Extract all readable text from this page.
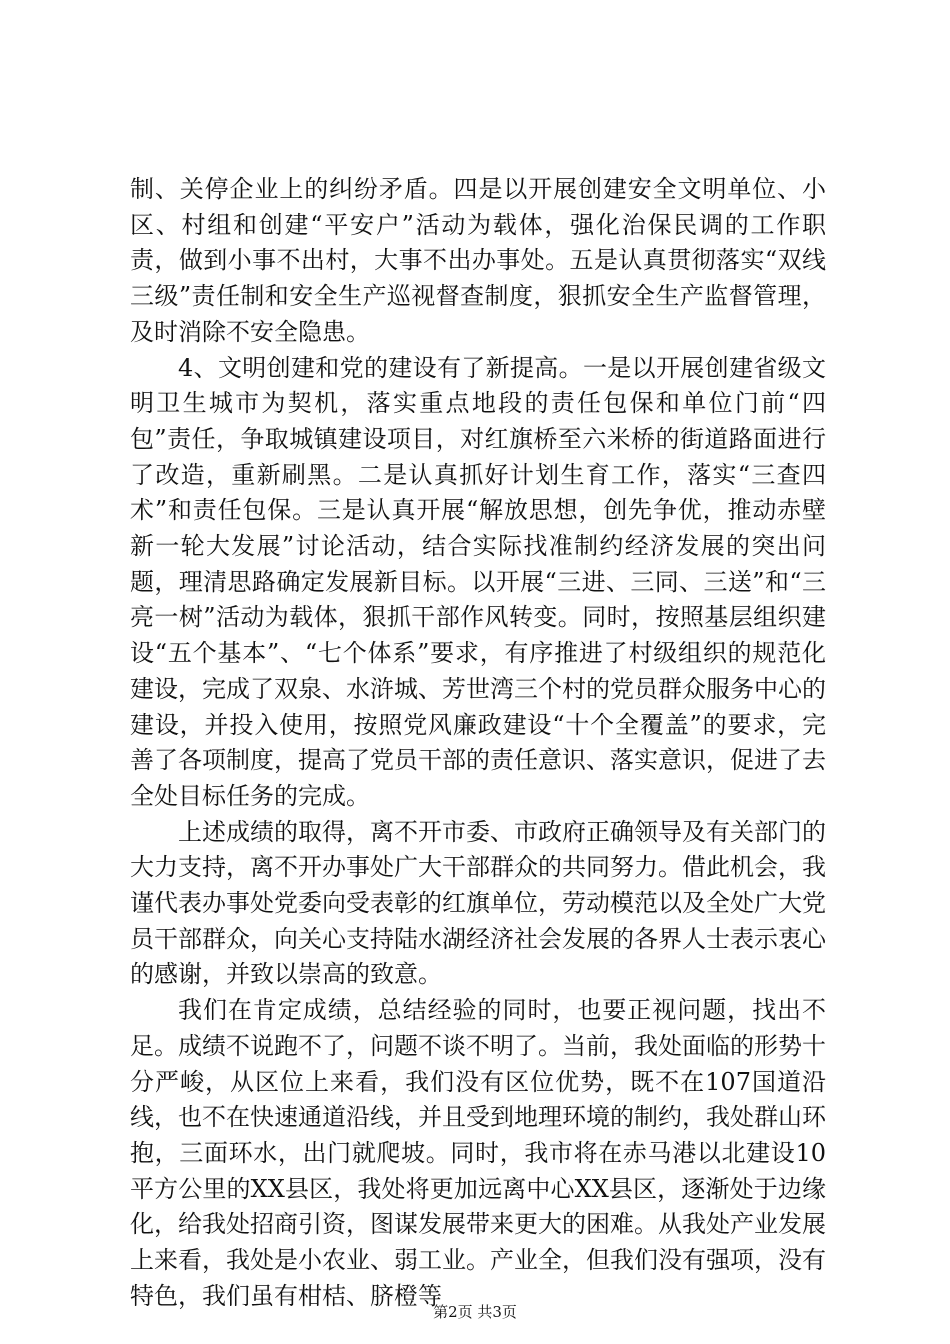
制、关停企业上的纠纷矛盾。四是以开展创建安全文明单位、小区、村组和创建“平安户”活动为载体，强化治保民调的工作职责，做到小事不出村，大事不出办事处。五是认真贯彻落实“双线三级”责任制和安全生产巡视督查制度，狠抓安全生产监督管理，及时消除不安全隐患。

4、文明创建和党的建设有了新提高。一是以开展创建省级文明卫生城市为契机，落实重点地段的责任包保和单位门前“四包”责任，争取城镇建设项目，对红旗桥至六米桥的街道路面进行了改造，重新刷黑。二是认真抓好计划生育工作，落实“三查四术”和责任包保。三是认真开展“解放思想，创先争优，推动赤壁新一轮大发展”讨论活动，结合实际找准制约经济发展的突出问题，理清思路确定发展新目标。以开展“三进、三同、三送”和“三亮一树”活动为载体，狠抓干部作风转变。同时，按照基层组织建设“五个基本”、“七个体系”要求，有序推进了村级组织的规范化建设，完成了双泉、水浒城、芳世湾三个村的党员群众服务中心的建设，并投入使用，按照党风廉政建设“十个全覆盖”的要求，完善了各项制度，提高了党员干部的责任意识、落实意识，促进了去全处目标任务的完成。

上述成绩的取得，离不开市委、市政府正确领导及有关部门的大力支持，离不开办事处广大干部群众的共同努力。借此机会，我谨代表办事处党委向受表彰的红旗单位，劳动模范以及全处广大党员干部群众，向关心支持陆水湖经济社会发展的各界人士表示衷心的感谢，并致以崇高的致意。

我们在肯定成绩，总结经验的同时，也要正视问题，找出不足。成绩不说跑不了，问题不谈不明了。当前，我处面临的形势十分严峻，从区位上来看，我们没有区位优势，既不在107国道沿线，也不在快速通道沿线，并且受到地理环境的制约，我处群山环抱，三面环水，出门就爬坡。同时，我市将在赤马港以北建设10平方公里的XX县区，我处将更加远离中心XX县区，逐渐处于边缘化，给我处招商引资，图谋发展带来更大的困难。从我处产业发展上来看，我处是小农业、弱工业。产业全，但我们没有强项，没有特色，我们虽有柑桔、脐橙等

第2页 共3页
